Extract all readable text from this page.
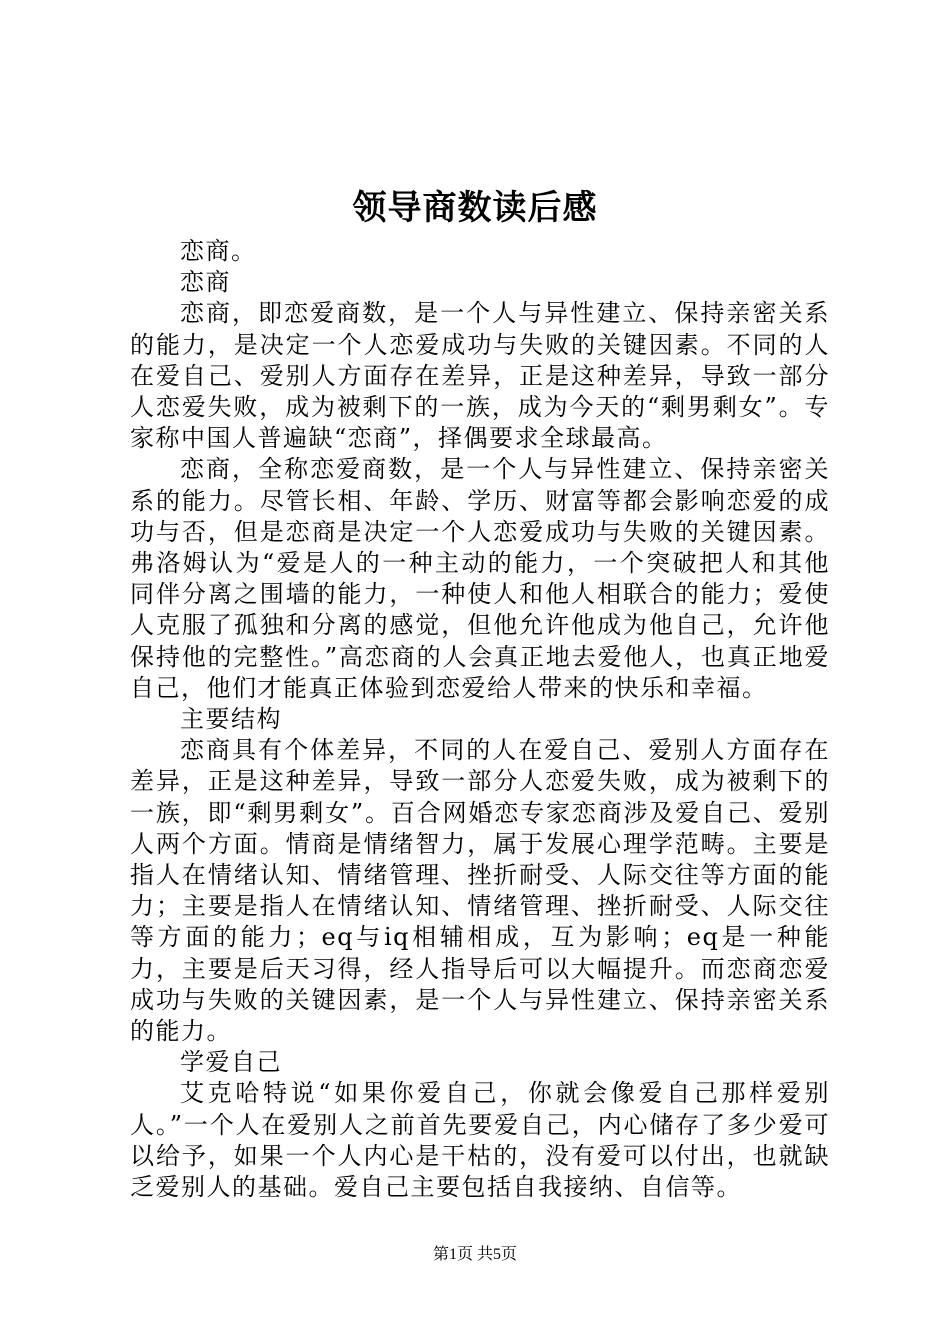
领导商数读后感

恋商。

恋商

恋商，即恋爱商数，是一个人与异性建立、保持亲密关系的能力，是决定一个人恋爱成功与失败的关键因素。不同的人在爱自己、爱别人方面存在差异，正是这种差异，导致一部分人恋爱失败，成为被剩下的一族，成为今天的“剩男剩女”。专家称中国人普遍缺“恋商”，择偶要求全球最高。

恋商，全称恋爱商数，是一个人与异性建立、保持亲密关系的能力。尽管长相、年龄、学历、财富等都会影响恋爱的成功与否，但是恋商是决定一个人恋爱成功与失败的关键因素。弗洛姆认为“爱是人的一种主动的能力，一个突破把人和其他同伴分离之围墙的能力，一种使人和他人相联合的能力；爱使人克服了孤独和分离的感觉，但他允许他成为他自己，允许他保持他的完整性。”高恋商的人会真正地去爱他人，也真正地爱自己，他们才能真正体验到恋爱给人带来的快乐和幸福。

主要结构

恋商具有个体差异，不同的人在爱自己、爱别人方面存在差异，正是这种差异，导致一部分人恋爱失败，成为被剩下的一族，即“剩男剩女”。百合网婚恋专家恋商涉及爱自己、爱别人两个方面。情商是情绪智力，属于发展心理学范畴。主要是指人在情绪认知、情绪管理、挫折耐受、人际交往等方面的能力；主要是指人在情绪认知、情绪管理、挫折耐受、人际交往等方面的能力；eq与iq相辅相成，互为影响；eq是一种能力，主要是后天习得，经人指导后可以大幅提升。而恋商恋爱成功与失败的关键因素，是一个人与异性建立、保持亲密关系的能力。

学爱自己

艾克哈特说“如果你爱自己，你就会像爱自己那样爱别人。”一个人在爱别人之前首先要爱自己，内心储存了多少爱可以给予，如果一个人内心是干枯的，没有爱可以付出，也就缺乏爱别人的基础。爱自己主要包括自我接纳、自信等。

第1页 共5页
